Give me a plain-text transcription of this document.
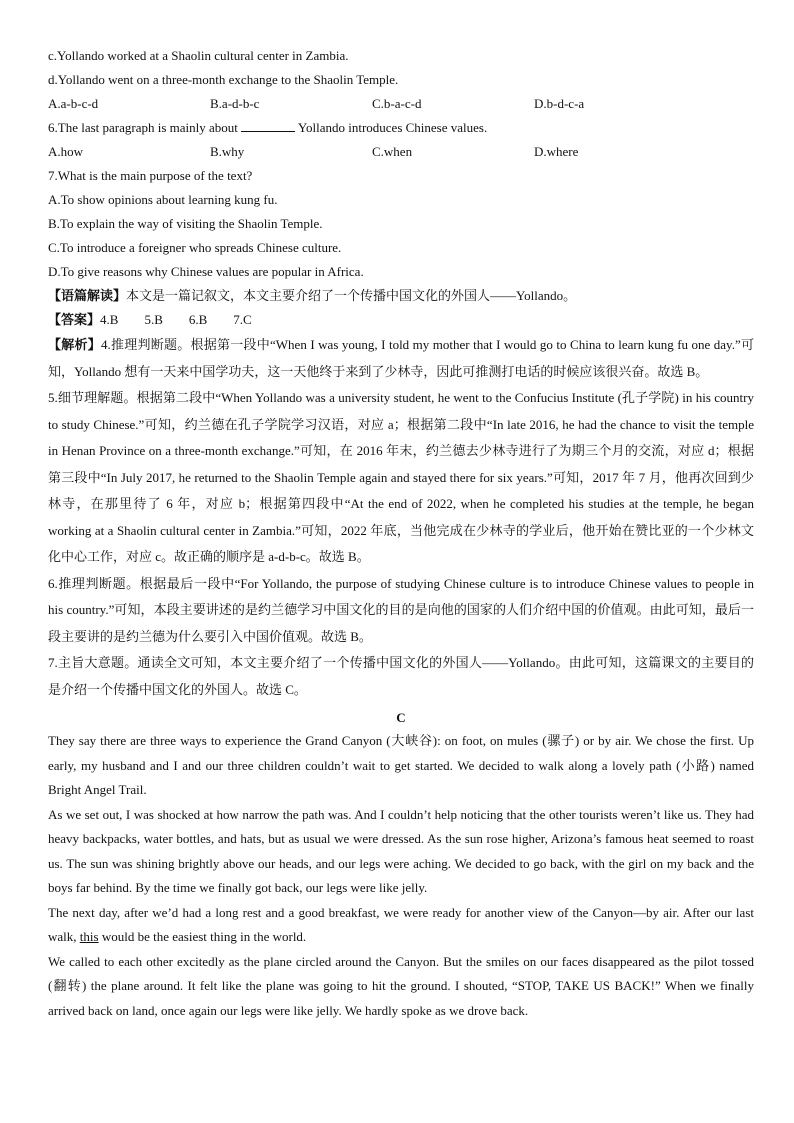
c.Yollando worked at a Shaolin cultural center in Zambia.

d.Yollando went on a three-month exchange to the Shaolin Temple.

A.a-b-c-d	B.a-d-b-c	C.b-a-c-d	D.b-d-c-a

6.The last paragraph is mainly about	Yollando introduces Chinese values.

A.how	B.why	C.when	D.where

7.What is the main purpose of the text?

A.To show opinions about learning kung fu.

B.To explain the way of visiting the Shaolin Temple.

C.To introduce a foreigner who spreads Chinese culture.

D.To give reasons why Chinese values are popular in Africa.

【语篇解读】本文是一篇记叙文，本文主要介绍了一个传播中国文化的外国人——Yollando。

【答案】4.B 5.B 6.B 7.C

【解析】4.推理判断题。根据第一段中“When I was young, I told my mother that I would go to China to learn kung fu one day.”可知，Yollando 想有一天来中国学功夫，这一天他终于来到了少林寺，因此可推测打电话的时候应该很兴奋。故选 B。

5.细节理解题。根据第二段中“When Yollando was a university student, he went to the Confucius Institute (孔子学院) in his country to study Chinese.”可知，约兰德在孔子学院学习汉语，对应 a；根据第二段中“In late 2016, he had the chance to visit the temple in Henan Province on a three-month exchange.”可知，在 2016 年末，约兰德去少林寺进行了为期三个月的交流，对应 d；根据第三段中“In July 2017, he returned to the Shaolin Temple again and stayed there for six years.”可知，2017 年 7 月，他再次回到少林寺，在那里待了 6 年，对应 b；根据第四段中“At the end of 2022, when he completed his studies at the temple, he began working at a Shaolin cultural center in Zambia.”可知，2022 年底，当他完成在少林寺的学业后，他开始在赞比亚的一个少林文化中心工作，对应 c。故正确的顺序是 a-d-b-c。故选 B。

6.推理判断题。根据最后一段中“For Yollando, the purpose of studying Chinese culture is to introduce Chinese values to people in his country.”可知，本段主要讲述的是约兰德学习中国文化的目的是向他的国家的人们介绍中国的价值观。由此可知，最后一段主要讲的是约兰德为什么要引入中国价值观。故选 B。

7.主旨大意题。通读全文可知，本文主要介绍了一个传播中国文化的外国人——Yollando。由此可知，这篇课文的主要目的是介绍一个传播中国文化的外国人。故选 C。

C

They say there are three ways to experience the Grand Canyon (大峡谷): on foot, on mules (骡子) or by air. We chose the first. Up early, my husband and I and our three children couldn’t wait to get started. We decided to walk along a lovely path (小路) named Bright Angel Trail.

As we set out, I was shocked at how narrow the path was. And I couldn’t help noticing that the other tourists weren’t like us. They had heavy backpacks, water bottles, and hats, but as usual we were dressed. As the sun rose higher, Arizona’s famous heat seemed to roast us. The sun was shining brightly above our heads, and our legs were aching. We decided to go back, with the girl on my back and the boys far behind. By the time we finally got back, our legs were like jelly.

The next day, after we’d had a long rest and a good breakfast, we were ready for another view of the Canyon—by air. After our last walk, this would be the easiest thing in the world.

We called to each other excitedly as the plane circled around the Canyon. But the smiles on our faces disappeared as the pilot tossed (翻转) the plane around. It felt like the plane was going to hit the ground. I shouted, “STOP, TAKE US BACK!” When we finally arrived back on land, once again our legs were like jelly. We hardly spoke as we drove back.
